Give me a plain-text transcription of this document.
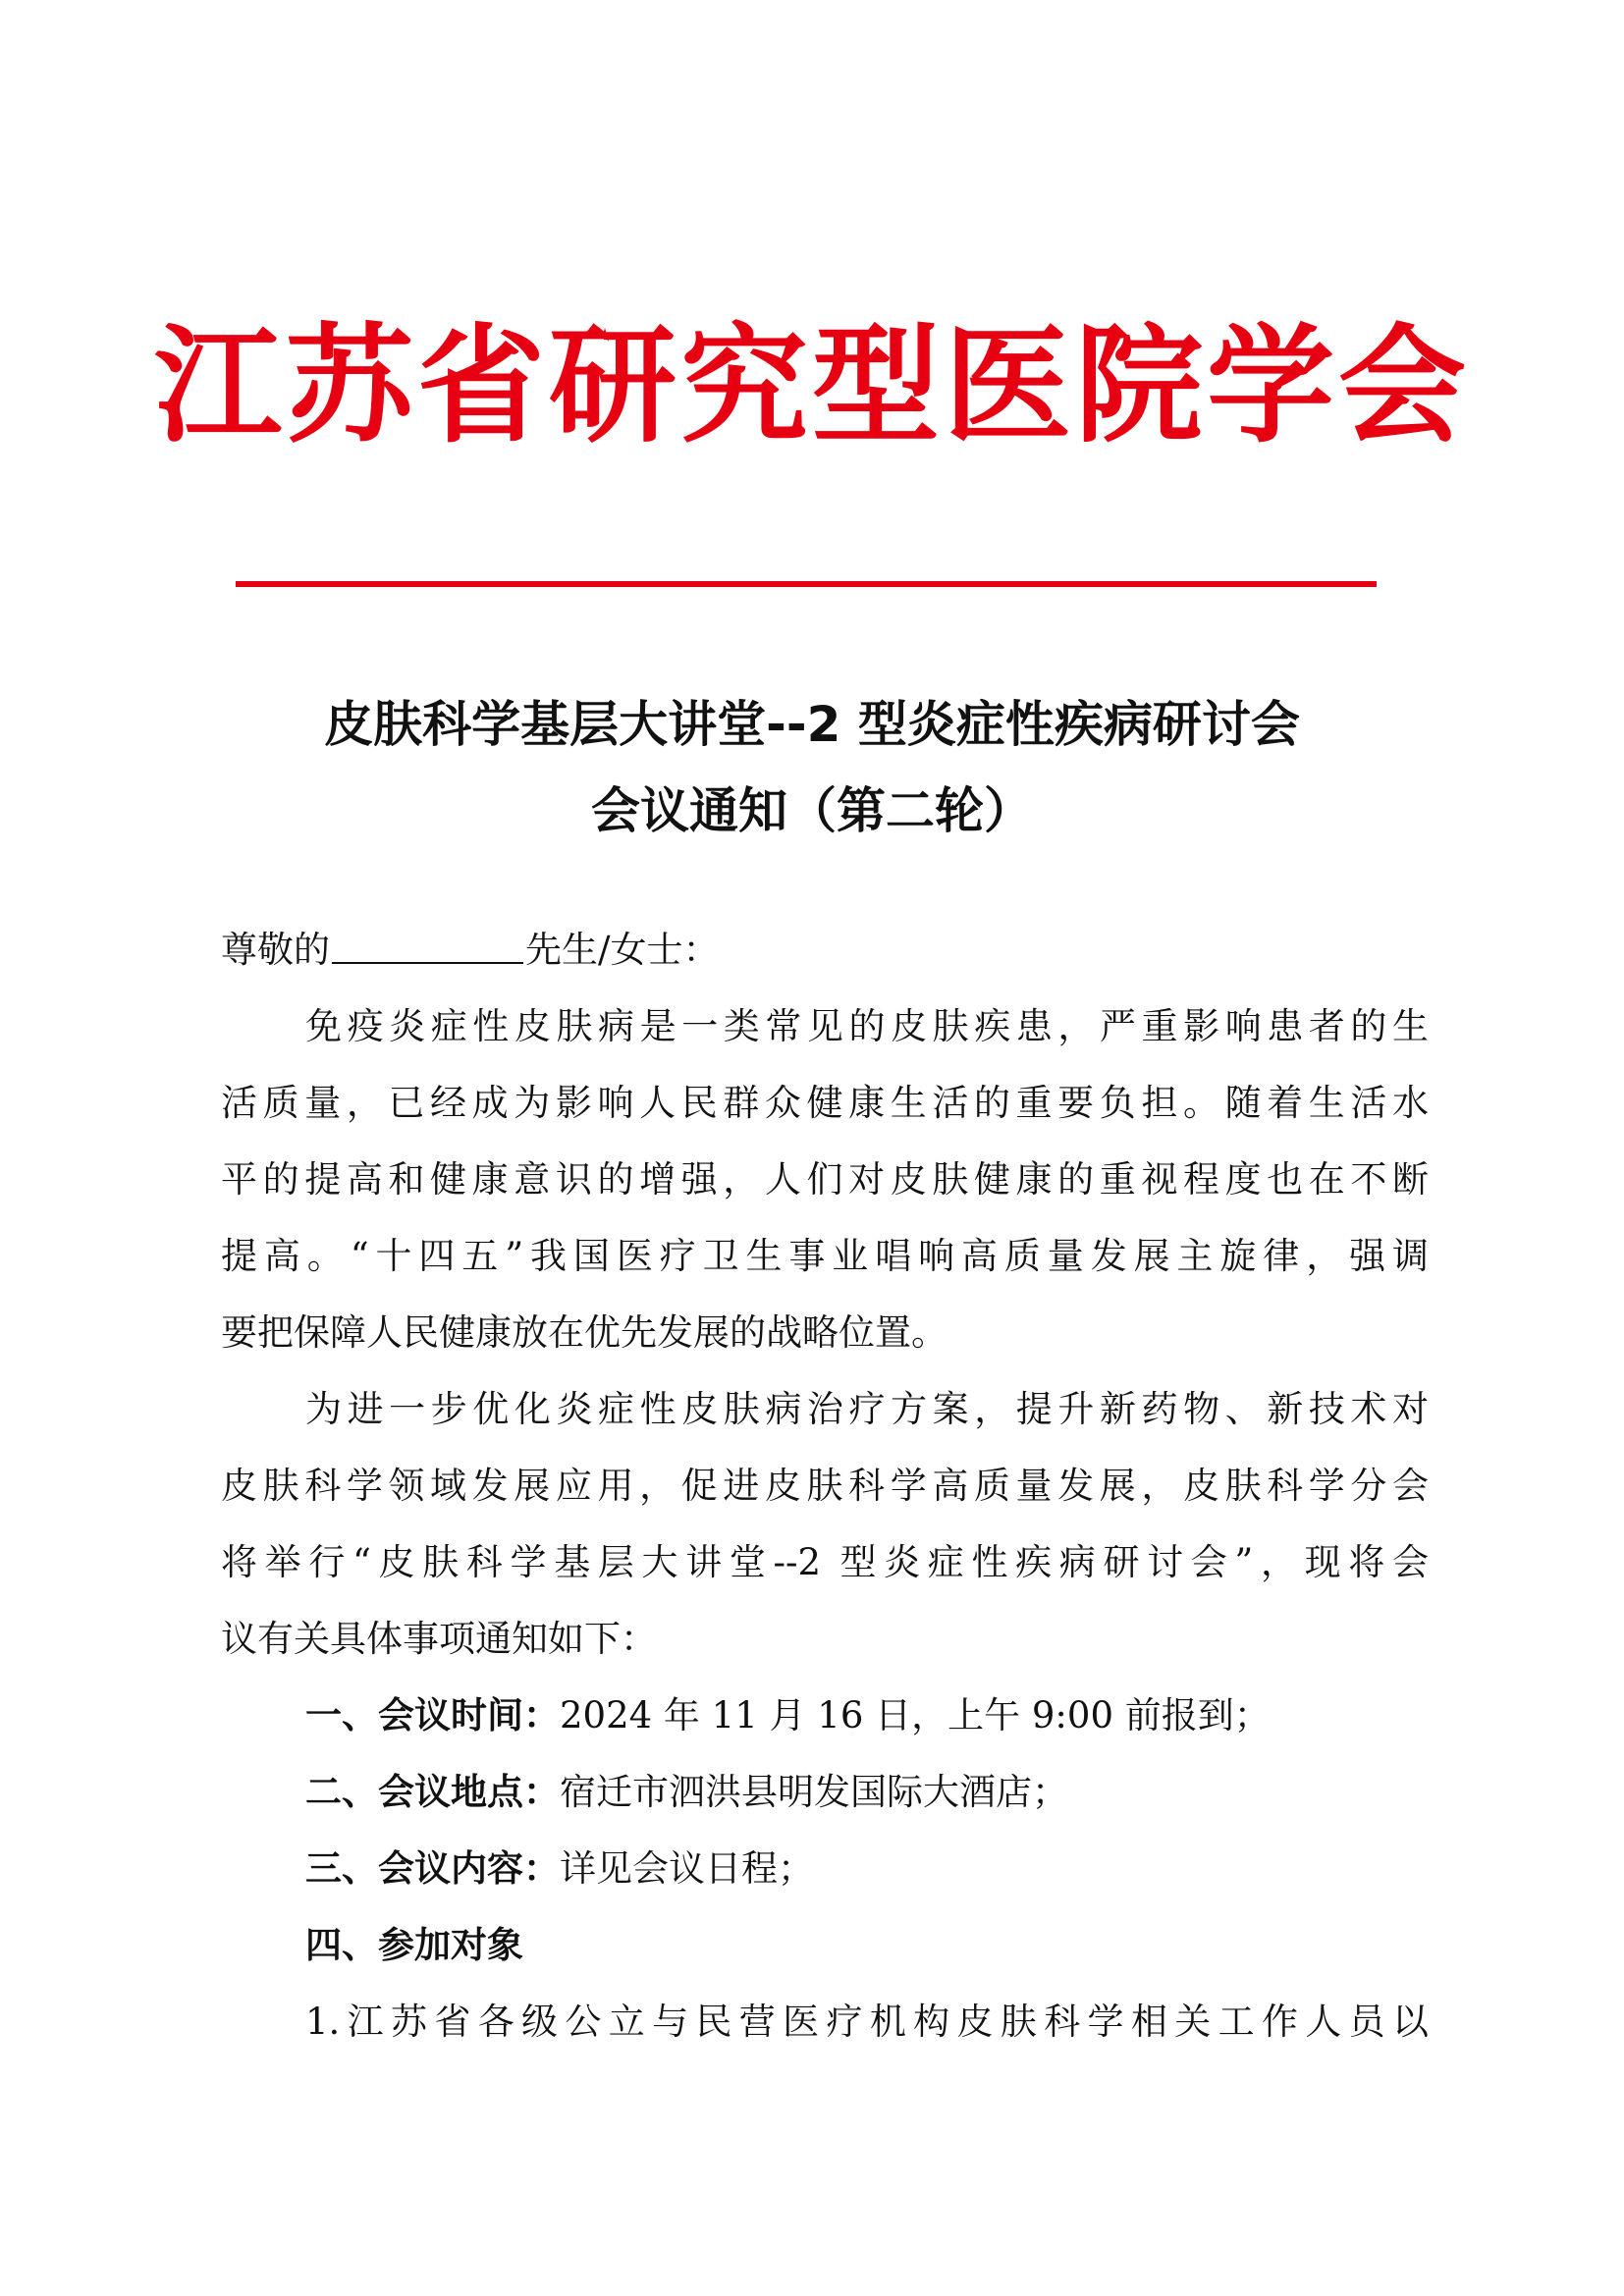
江苏省研究型医院学会
皮肤科学基层大讲堂--2 型炎症性疾病研讨会
会议通知（第二轮）
尊敬的	先生/女士：
免疫炎症性皮肤病是一类常见的皮肤疾患，严重影响患者的生
活质量，已经成为影响人民群众健康生活的重要负担。随着生活水
平的提高和健康意识的增强，人们对皮肤健康的重视程度也在不断
提高。“十四五”我国医疗卫生事业唱响高质量发展主旋律，强调
要把保障人民健康放在优先发展的战略位置。
为进一步优化炎症性皮肤病治疗方案，提升新药物、新技术对
皮肤科学领域发展应用，促进皮肤科学高质量发展，皮肤科学分会
将举行“皮肤科学基层大讲堂--2 型炎症性疾病研讨会”，现将会
议有关具体事项通知如下：
一、会议时间：2024 年 11 月 16 日，上午 9:00 前报到；
二、会议地点：宿迁市泗洪县明发国际大酒店；
三、会议内容：详见会议日程；
四、参加对象
1.江苏省各级公立与民营医疗机构皮肤科学相关工作人员以
